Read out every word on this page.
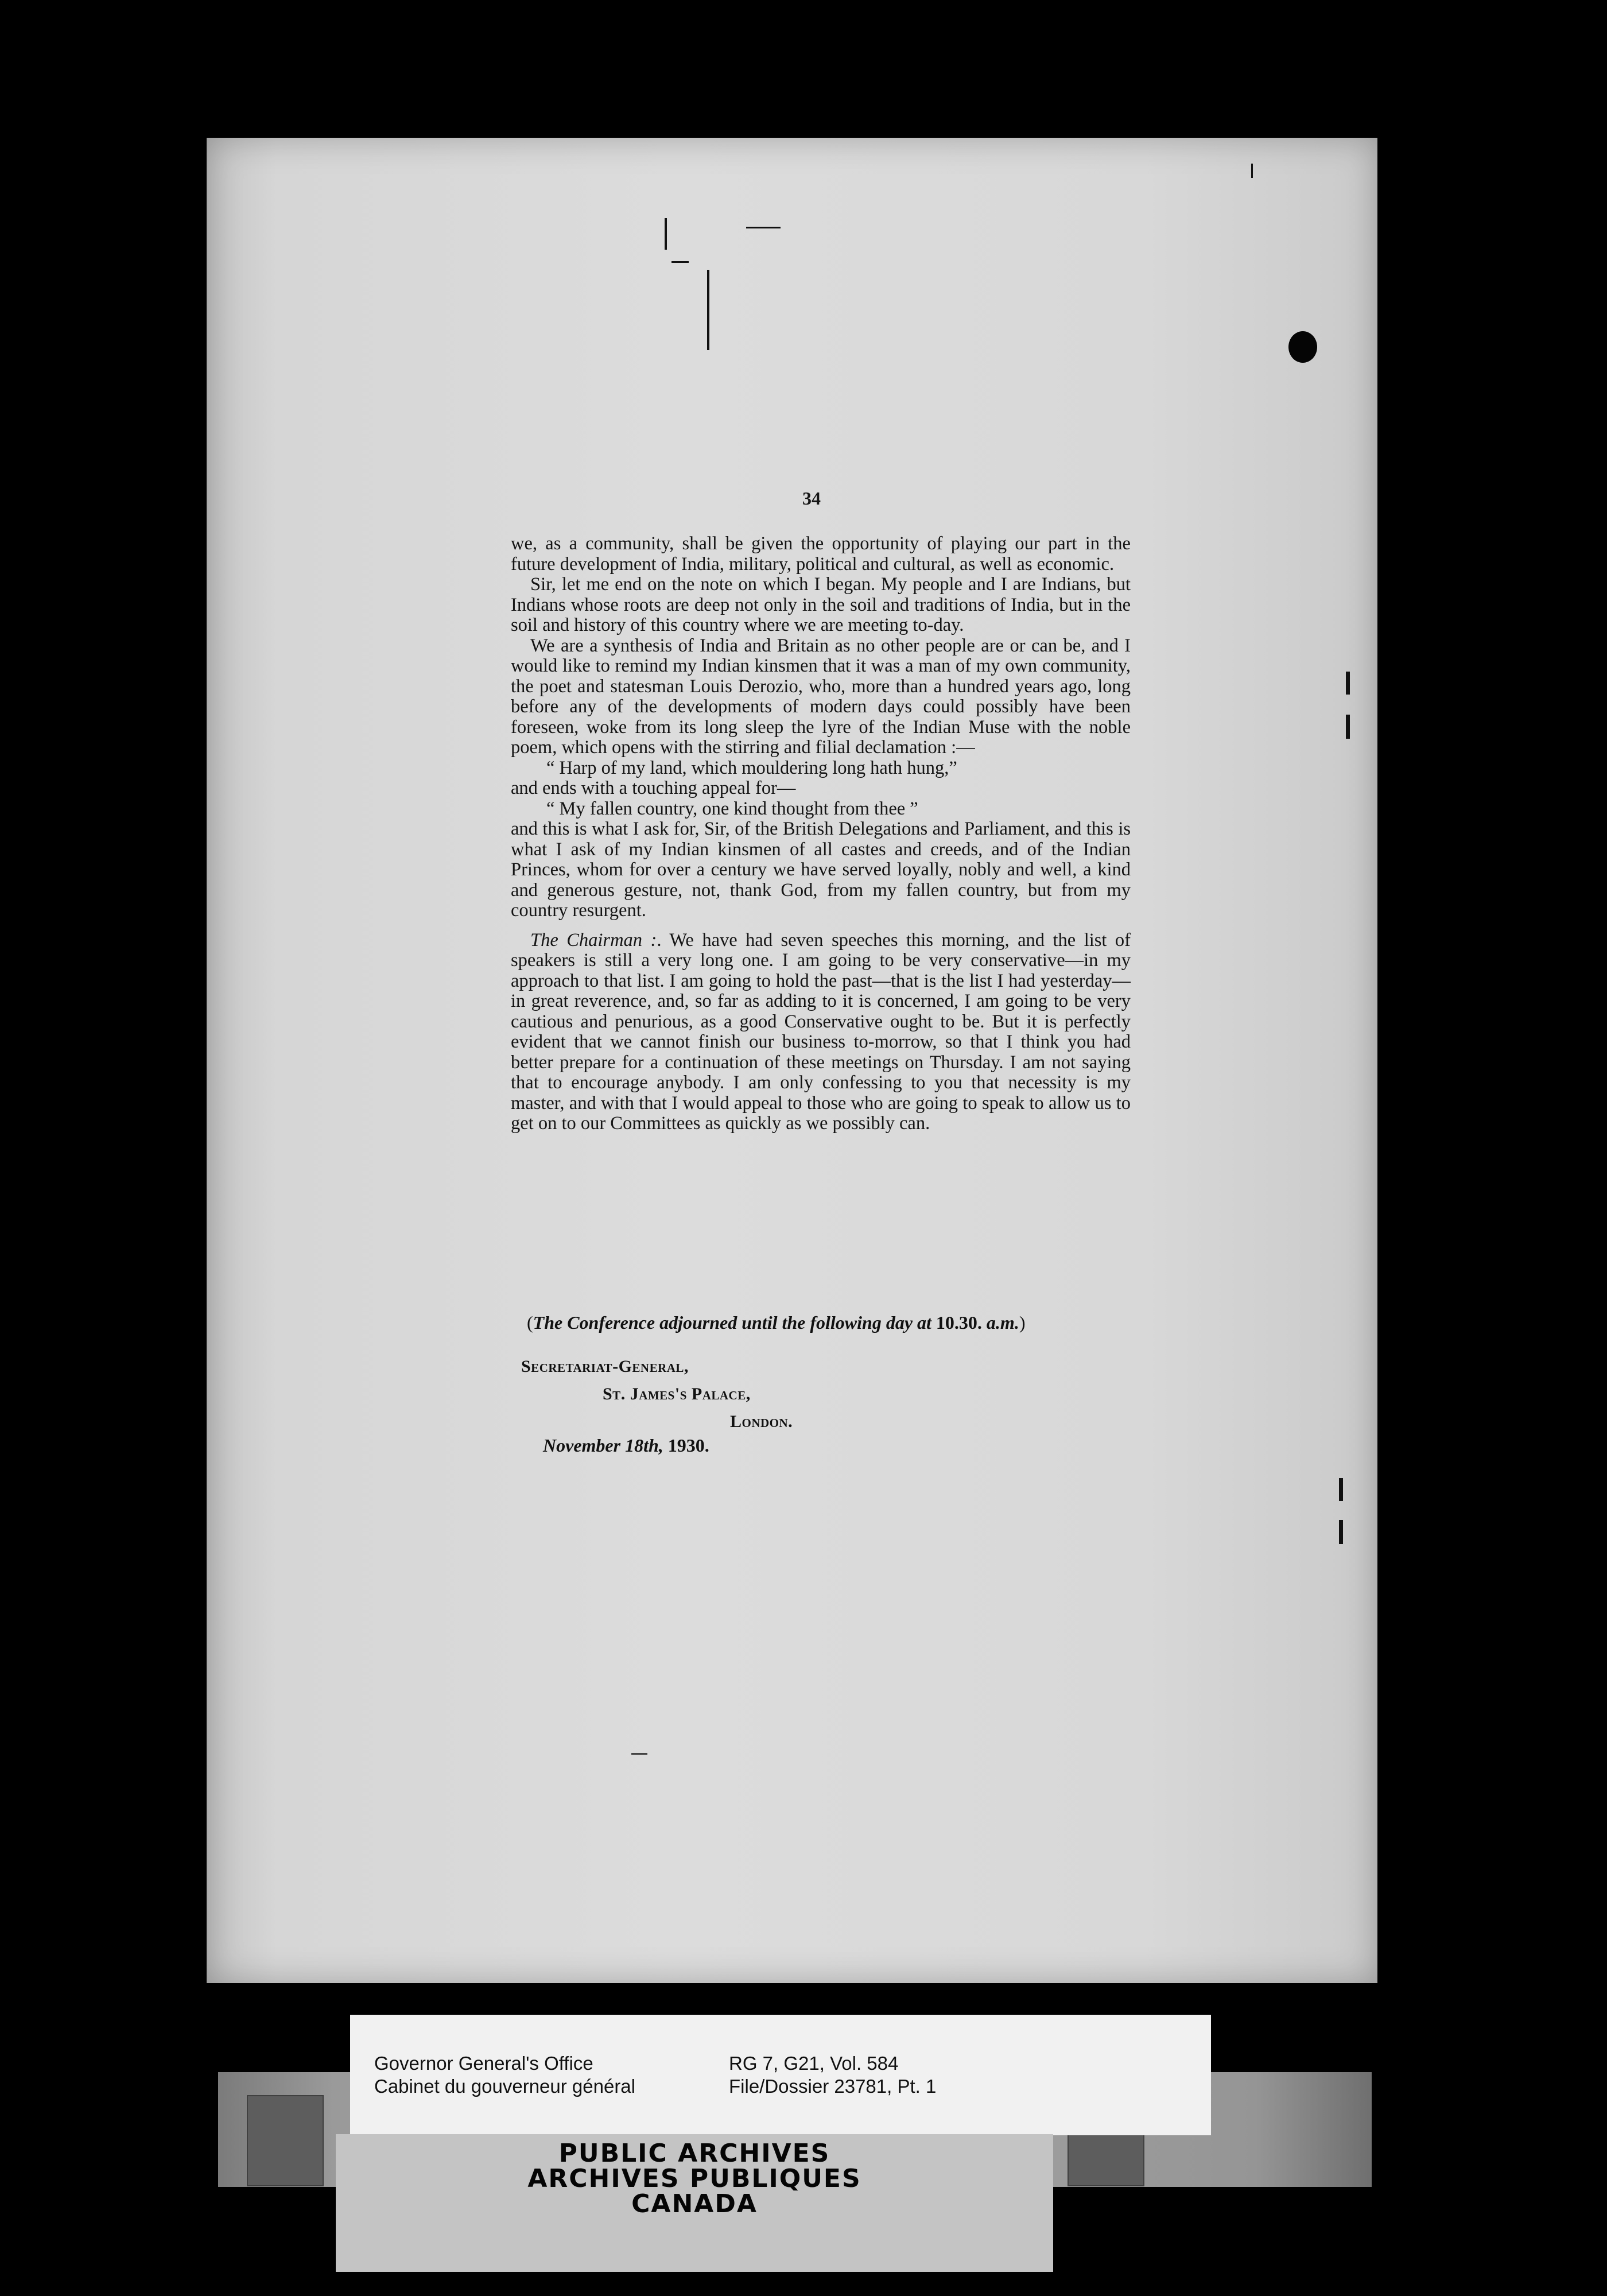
34

we, as a community, shall be given the opportunity of playing our part in the future development of India, military, political and cultural, as well as economic.

Sir, let me end on the note on which I began. My people and I are Indians, but Indians whose roots are deep not only in the soil and traditions of India, but in the soil and history of this country where we are meeting to-day.

We are a synthesis of India and Britain as no other people are or can be, and I would like to remind my Indian kinsmen that it was a man of my own community, the poet and statesman Louis Derozio, who, more than a hundred years ago, long before any of the developments of modern days could possibly have been foreseen, woke from its long sleep the lyre of the Indian Muse with the noble poem, which opens with the stirring and filial declamation :—

“ Harp of my land, which mouldering long hath hung,”

and ends with a touching appeal for—

“ My fallen country, one kind thought from thee ”

and this is what I ask for, Sir, of the British Delegations and Parliament, and this is what I ask of my Indian kinsmen of all castes and creeds, and of the Indian Princes, whom for over a century we have served loyally, nobly and well, a kind and generous gesture, not, thank God, from my fallen country, but from my country resurgent.

The Chairman :. We have had seven speeches this morning, and the list of speakers is still a very long one. I am going to be very conservative—in my approach to that list. I am going to hold the past—that is the list I had yesterday—in great reverence, and, so far as adding to it is concerned, I am going to be very cautious and penurious, as a good Conservative ought to be. But it is perfectly evident that we cannot finish our business to-morrow, so that I think you had better prepare for a continuation of these meetings on Thursday. I am not saying that to encourage anybody. I am only confessing to you that necessity is my master, and with that I would appeal to those who are going to speak to allow us to get on to our Committees as quickly as we possibly can.

(The Conference adjourned until the following day at 10.30. a.m.)
Secretariat-General,
St. James's Palace,
London.
November 18th, 1930.
Governor General's Office
Cabinet du gouverneur général
RG 7, G21, Vol. 584
File/Dossier 23781, Pt. 1
PUBLIC ARCHIVES
ARCHIVES PUBLIQUES
CANADA
